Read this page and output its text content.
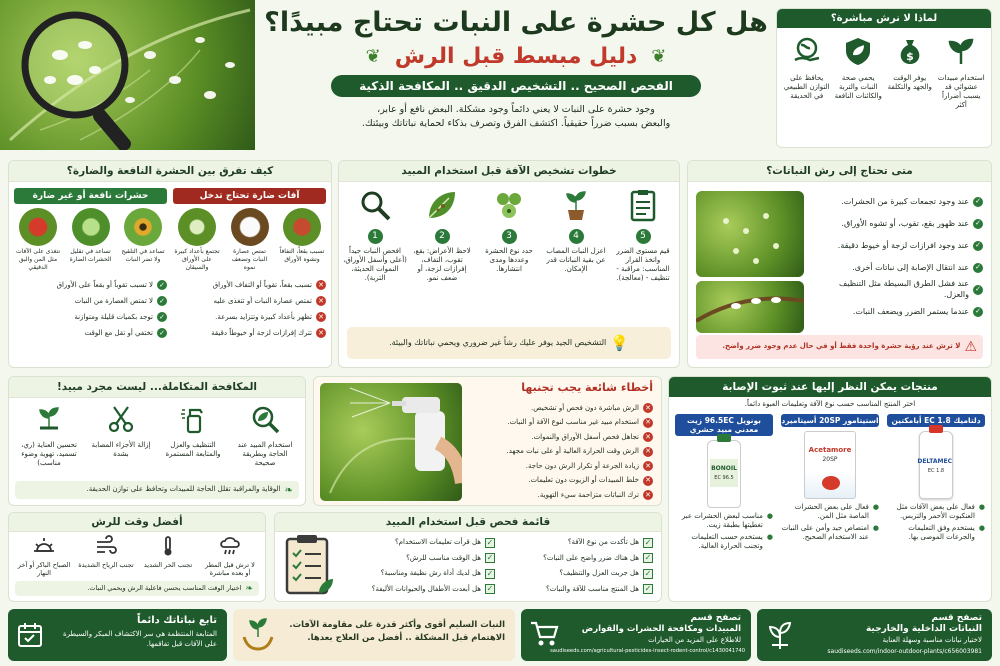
هل كل حشرة على النبات تحتاج مبيدًا؟
❦
دليل مبسط قبل الرش
❦
الفحص الصحيح .. التشخيص الدقيق .. المكافحة الذكية
وجود حشرة على النبات لا يعني دائماً وجود مشكلة. البعض نافع أو عابر،
والبعض بسبب ضرراً حقيقياً. اكتشف الفرق وتصرف بذكاء لحماية نباتاتك وبيئتك.
لماذا لا نرش مباشرة؟
استخدام مبيدات عشوائي قد يسبب أضراراً أكثر
$
يوفر الوقت والجهد والتكلفة
يحمي صحة النبات والتربة والكائنات النافعة
يحافظ على التوازن الطبيعي في الحديقة
متى تحتاج إلى رش النباتات؟
✓
عند وجود تجمعات كبيرة من الحشرات.
✓
عند ظهور بقع، تقوب، أو تشوه الأوراق.
✓
عند وجود افرازات لزجة أو خيوط دقيقة.
✓
عند انتقال الإصابة إلى نباتات أخرى.
✓
عند فشل الطرق البسيطة مثل التنظيف والعزل.
✓
عندما يستمر الضرر ويضعف النبات.
⚠
لا ترش عند رؤية حشرة واحدة فقط أو في حال عدم وجود ضرر واضح.
خطوات تشخيص الآفة قبل استخدام المبيد
5
قيم مستوى الضرر واتخذ القرار المناسب: مراقبة - تنظيف - (معالجة).
4
اعزل النبات المصاب عن بقية النباتات قدر الإمكان.
3
حدد نوع الحشرة وعددها ومدى انتشارها.
2
لاحظ الأعراض: بقع، تقوب، التفاف، إفرازات لزجة، أو ضعف نمو.
1
افحص النبات جيداً (أعلى وأسفل الأوراق، النموات الحديثة، التربة).
💡
التشخيص الجيد يوفر عليك رشاً غير ضروري ويحمي نباتاتك والبيئة.
كيف تفرق بين الحشرة النافعة والضارة؟
آفات ضارة تحتاج تدخل
تسبب بقعاً، التفافاً وتشوه الأوراق
تمتص عصارة النبات وتضعف نموه
تجتمع بأعداد كبيرة على الأوراق والسيقان
✕
تسبب بقعاً، تقوباً أو التفاف الأوراق
✕
تمتص عصارة النبات أو تتغذى عليه
✕
تظهر بأعداد كبيرة وتتزايد بسرعة.
✕
تترك إفرازات لزجة أو خيوطاً دقيقة
حشرات نافعة أو غير ضارة
تساعد في التلقيح ولا تضر النبات
تساعد في تقليل الحشرات الضارة
تتغذى على الآفات مثل المن والبق الدقيقي
✓
لا تسبب تقوباً أو بقعاً على الأوراق
✓
لا تمتص العصارة من النبات
✓
توجد بكميات قليلة ومتوازنة
✓
تختفي أو تقل مع الوقت
منتجات يمكن النظر إليها عند ثبوت الإصابة
اختر المنتج المناسب حسب نوع الآفة وتعليمات العبوة دائماً.
دلتاميك 1.8 EC أبامكتين
DELTAMEC
1.8 EC
●
فعال على بعض الآفات مثل العنكبوت الأحمر والتربس.
●
يستخدم وفق التعليمات والجرعات الموصى بها.
استيتامور 20SP أسيتاميرد
Acetamore
20SP
●
فعال على بعض الحشرات الماصة مثل المن.
●
امتصاص جيد وأمن على النبات عند الاستخدام الصحيح.
بونويل 96.5EC زيت معدني مبيد حشري
BONOIL
96.5 EC
●
مناسب لبعض الحشرات عبر تغطيتها بطبقة زيت.
●
يستخدم حسب التعليمات وتجنب الحرارة العالية.
أخطاء شائعة يجب تجنبها
✕
الرش مباشرة دون فحص أو تشخيص.
✕
استخدام مبيد غير مناسب لنوع الآفة أو النبات.
✕
تجاهل فحص أسفل الأوراق والنموات.
✕
الرش وقت الحرارة العالية أو على نبات مجهد.
✕
زيادة الجرعة أو تكرار الرش دون حاجة.
✕
خلط المبيدات أو الزيوت دون تعليمات.
✕
ترك النباتات متزاحمة سيء التهوية.
المكافحة المتكاملة... ليست مجرد مبيد!
استخدام المبيد عند الحاجة وبطريقة صحيحة
التنظيف والعزل والمتابعة المستمرة
إزالة الأجزاء المصابة بشدة
تحسين العناية (ري، تسميد، تهوية وضوء مناسب)
❧
الوقاية والمراقبة تقلل الحاجة للمبيدات وتحافظ على توازن الحديقة.
قائمة فحص قبل استخدام المبيد
✓
هل تأكدت من نوع الآفة؟
✓
هل هناك ضرر واضح على النبات؟
✓
هل جربت العزل والتنظيف؟
✓
هل المنتج مناسب للآفة والنبات؟
✓
هل قرأت تعليمات الاستخدام؟
✓
هل الوقت مناسب للرش؟
✓
هل لديك أداة رش نظيفة ومناسبة؟
✓
هل أبعدت الأطفال والحيوانات الأليفة؟
أفضل وقت للرش
لا ترش قبل المطر أو بعده مباشرة
تجنب الحر الشديد
تجنب الرياح الشديدة
الصباح الباكر أو آخر النهار
❧
اختيار الوقت المناسب يحسن فاعلية الرش ويحمي النبات.
تصفح قسم
النباتات الداخلية والخارجية
لاختيار نباتات مناسبة وسهلة العناية
saudiseeds.com/indoor-outdoor-plants/c656003981
تصفح قسم
المبيدات ومكافحة الحشرات والقوارض
للاطلاع على المزيد من الخيارات
saudiseeds.com/agricultural-pesticides-insect-rodent-control/c1430041740
النبات السليم أقوى وأكثر قدرة على مقاومة الآفات. الاهتمام قبل المشكلة .. أفضل من العلاج بعدها.
تابع نباتاتك دائماً
المتابعة المنتظمة هي سر الاكتشاف المبكر والسيطرة على الآفات قبل تفاقمها.
